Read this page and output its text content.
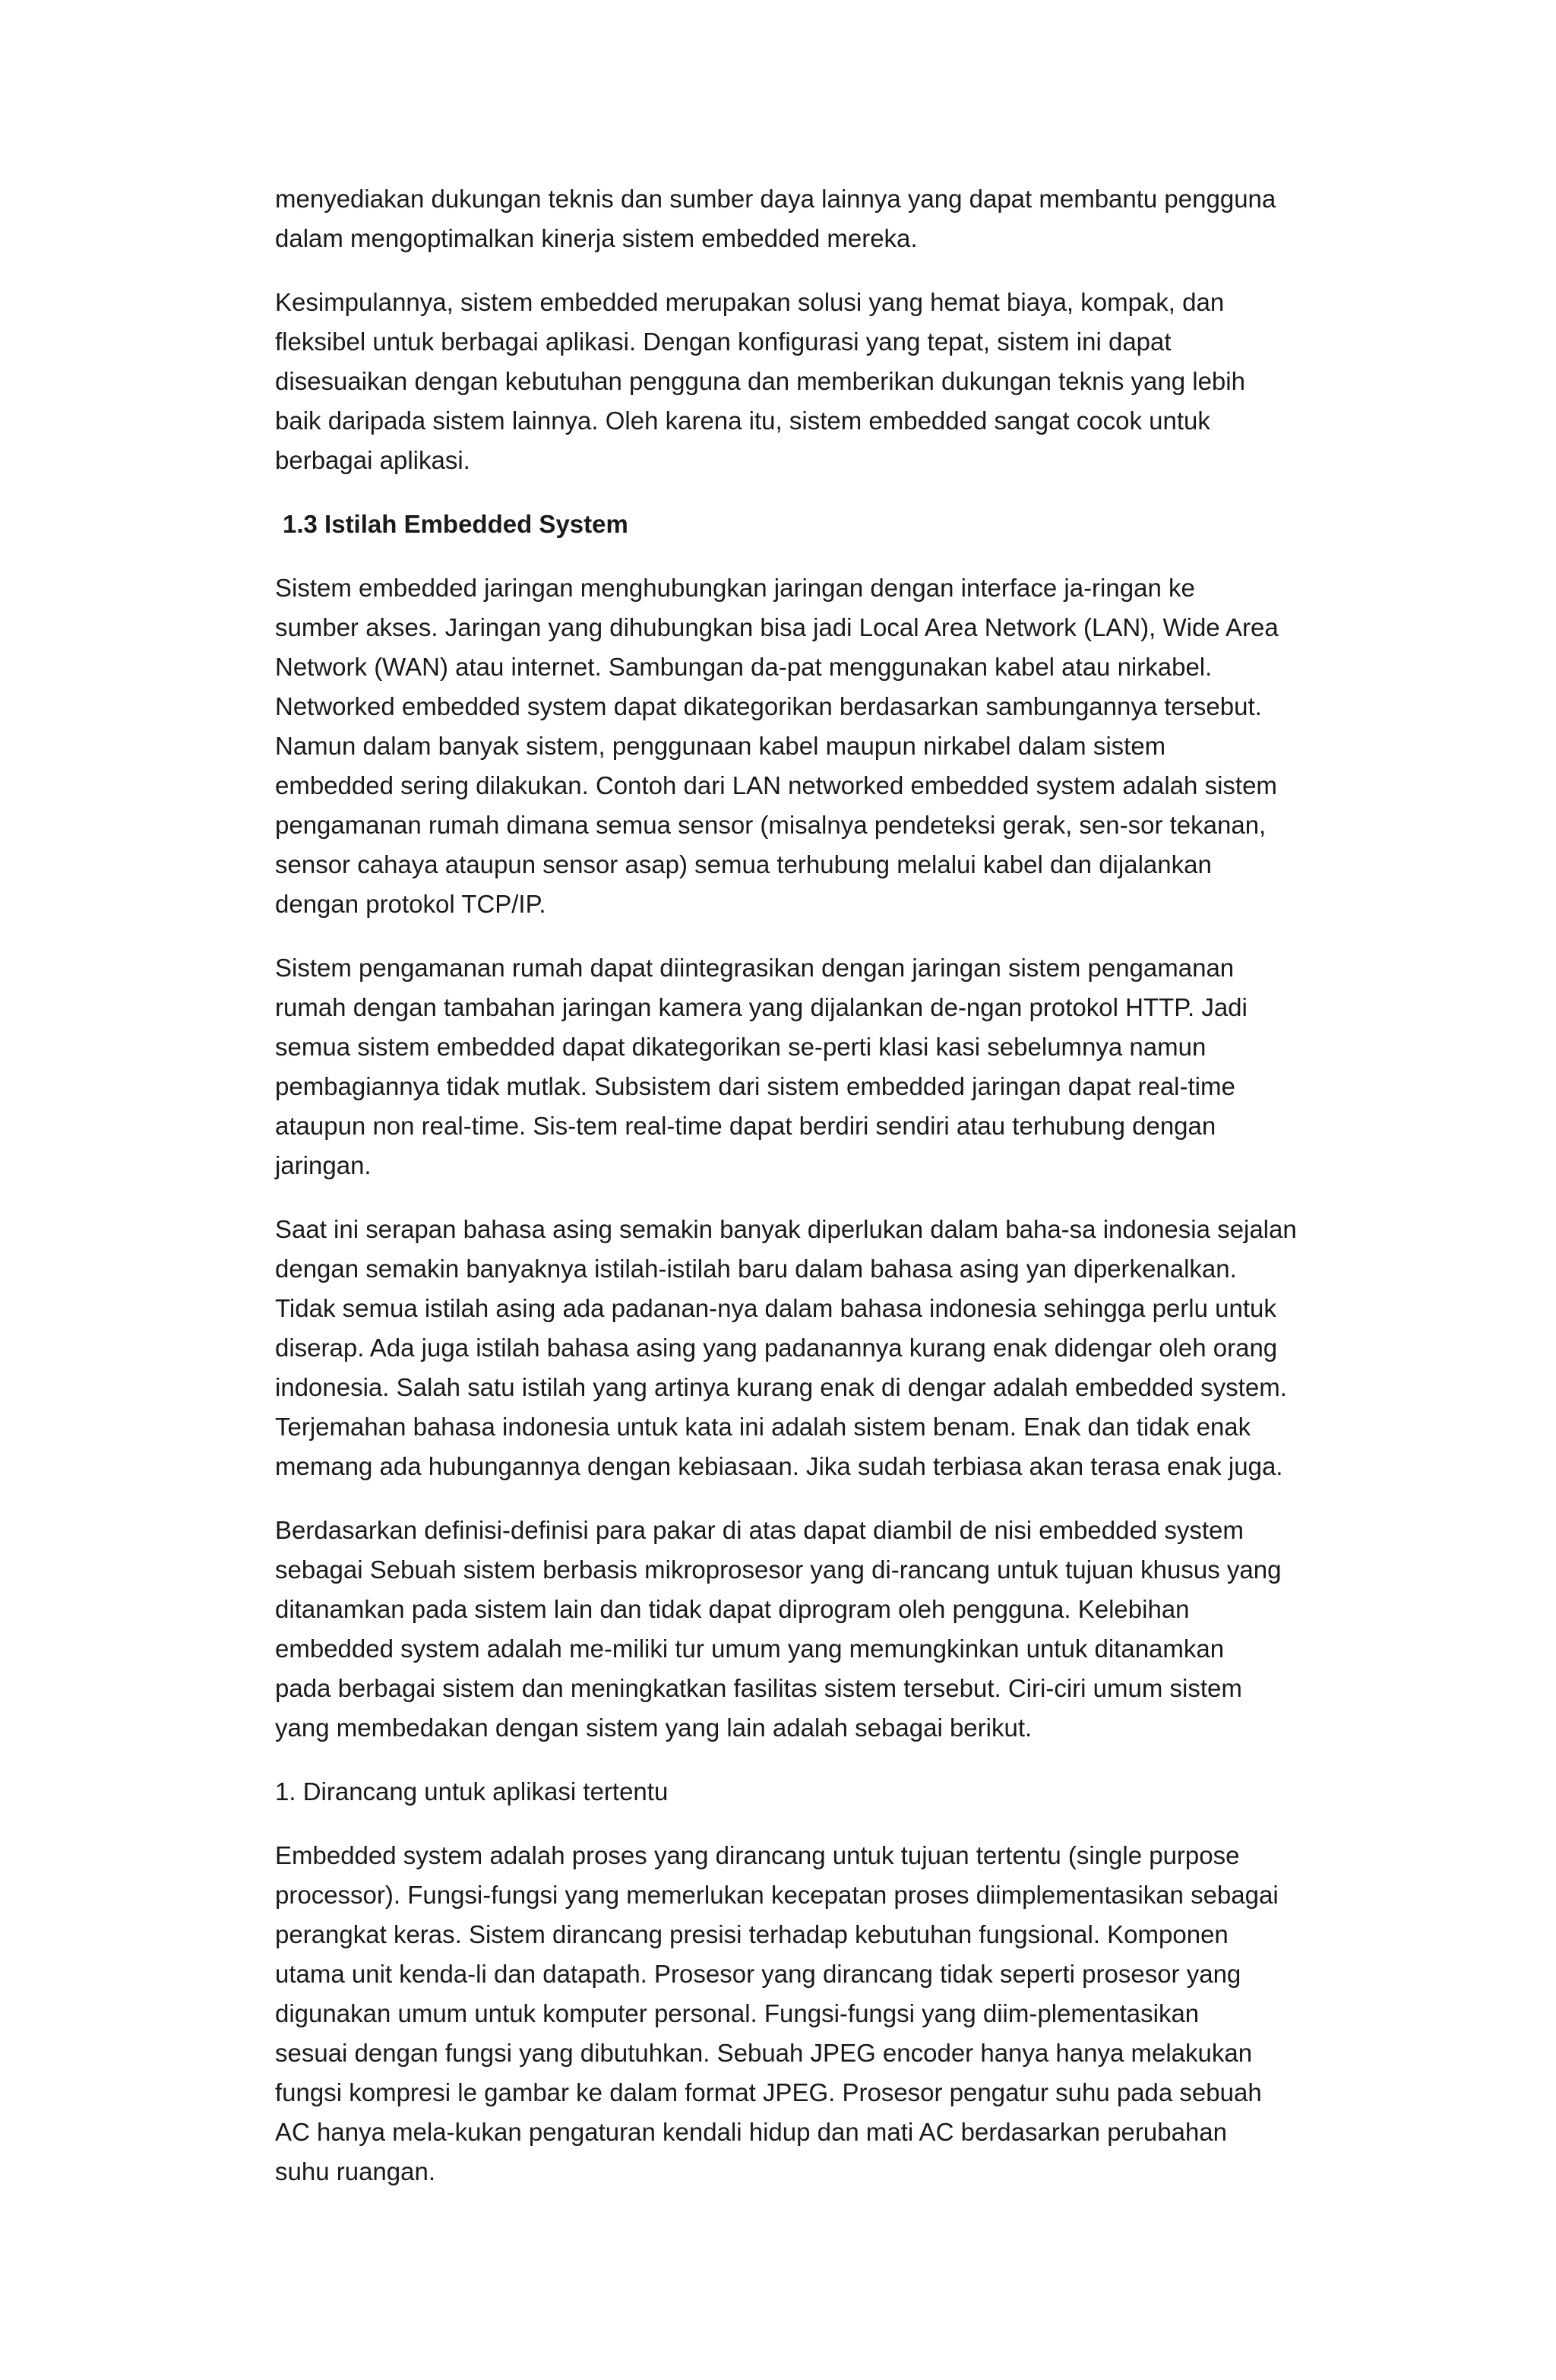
menyediakan dukungan teknis dan sumber daya lainnya yang dapat membantu pengguna
dalam mengoptimalkan kinerja sistem embedded mereka.

Kesimpulannya, sistem embedded merupakan solusi yang hemat biaya, kompak, dan
fleksibel untuk berbagai aplikasi. Dengan konfigurasi yang tepat, sistem ini dapat
disesuaikan dengan kebutuhan pengguna dan memberikan dukungan teknis yang lebih
baik daripada sistem lainnya. Oleh karena itu, sistem embedded sangat cocok untuk
berbagai aplikasi.

1.3 Istilah Embedded System

Sistem embedded jaringan menghubungkan jaringan dengan interface ja-ringan ke
sumber akses. Jaringan yang dihubungkan bisa jadi Local Area Network (LAN), Wide Area
Network (WAN) atau internet. Sambungan da-pat menggunakan kabel atau nirkabel.
Networked embedded system dapat dikategorikan berdasarkan sambungannya tersebut.
Namun dalam banyak sistem, penggunaan kabel maupun nirkabel dalam sistem
embedded sering dilakukan. Contoh dari LAN networked embedded system adalah sistem
pengamanan rumah dimana semua sensor (misalnya pendeteksi gerak, sen-sor tekanan,
sensor cahaya ataupun sensor asap) semua terhubung melalui kabel dan dijalankan
dengan protokol TCP/IP.

Sistem pengamanan rumah dapat diintegrasikan dengan jaringan sistem pengamanan
rumah dengan tambahan jaringan kamera yang dijalankan de-ngan protokol HTTP. Jadi
semua sistem embedded dapat dikategorikan se-perti klasi kasi sebelumnya namun
pembagiannya tidak mutlak. Subsistem dari sistem embedded jaringan dapat real-time
ataupun non real-time. Sis-tem real-time dapat berdiri sendiri atau terhubung dengan
jaringan.

Saat ini serapan bahasa asing semakin banyak diperlukan dalam baha-sa indonesia sejalan
dengan semakin banyaknya istilah-istilah baru dalam bahasa asing yan diperkenalkan.
Tidak semua istilah asing ada padanan-nya dalam bahasa indonesia sehingga perlu untuk
diserap. Ada juga istilah bahasa asing yang padanannya kurang enak didengar oleh orang
indonesia. Salah satu istilah yang artinya kurang enak di dengar adalah embedded system.
Terjemahan bahasa indonesia untuk kata ini adalah sistem benam. Enak dan tidak enak
memang ada hubungannya dengan kebiasaan. Jika sudah terbiasa akan terasa enak juga.

Berdasarkan definisi-definisi para pakar di atas dapat diambil de nisi embedded system
sebagai Sebuah sistem berbasis mikroprosesor yang di-rancang untuk tujuan khusus yang
ditanamkan pada sistem lain dan tidak dapat diprogram oleh pengguna. Kelebihan
embedded system adalah me-miliki tur umum yang memungkinkan untuk ditanamkan
pada berbagai sistem dan meningkatkan fasilitas sistem tersebut. Ciri-ciri umum sistem
yang membedakan dengan sistem yang lain adalah sebagai berikut.

1. Dirancang untuk aplikasi tertentu

Embedded system adalah proses yang dirancang untuk tujuan tertentu (single purpose
processor). Fungsi-fungsi yang memerlukan kecepatan proses diimplementasikan sebagai
perangkat keras. Sistem dirancang presisi terhadap kebutuhan fungsional. Komponen
utama unit kenda-li dan datapath. Prosesor yang dirancang tidak seperti prosesor yang
digunakan umum untuk komputer personal. Fungsi-fungsi yang diim-plementasikan
sesuai dengan fungsi yang dibutuhkan. Sebuah JPEG encoder hanya hanya melakukan
fungsi kompresi le gambar ke dalam format JPEG. Prosesor pengatur suhu pada sebuah
AC hanya mela-kukan pengaturan kendali hidup dan mati AC berdasarkan perubahan
suhu ruangan.
